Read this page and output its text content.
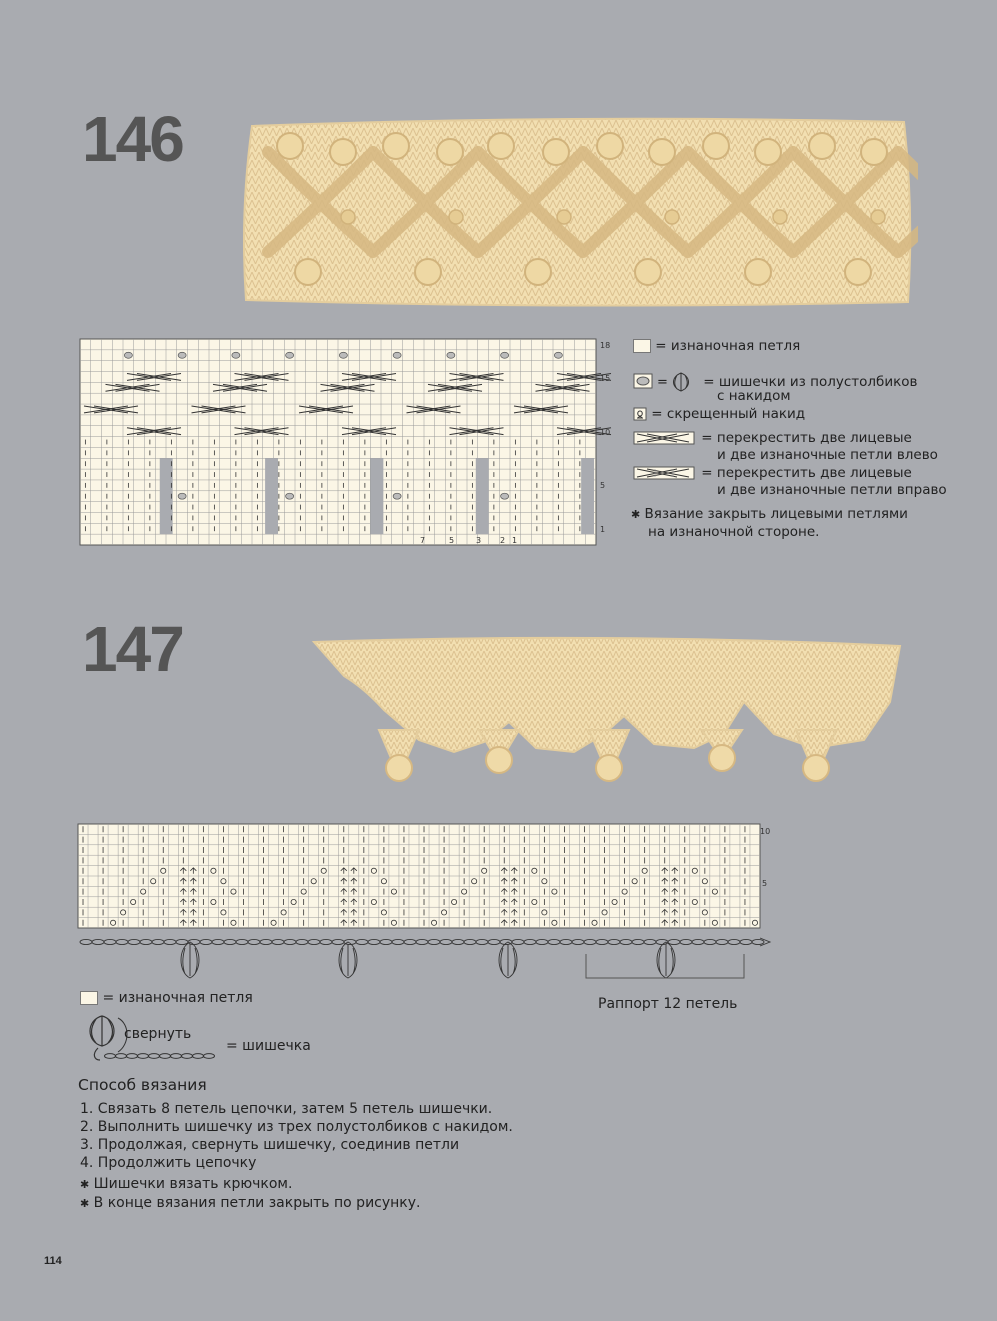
146
18
15
10
5
1
7	5	3 2 1
= изнаночная петля
=	= шишечки из полустолбиков
с накидом
= скрещенный накид
= перекрестить две лицевые
и две изнаночные петли влево
= перекрестить две лицевые
и две изнаночные петли вправо
✱ Вязание закрыть лицевыми петлями
на изнаночной стороне.
147
10
5
Раппорт 12 петель
= изнаночная петля
свернуть
= шишечка
Способ вязания
1. Связать 8 петель цепочки, затем 5 петель шишечки.
2. Выполнить шишечку из трех полустолбиков с накидом.
3. Продолжая, свернуть шишечку, соединив петли
4. Продолжить цепочку
✱ Шишечки вязать крючком.
✱ В конце вязания петли закрыть по рисунку.
114
